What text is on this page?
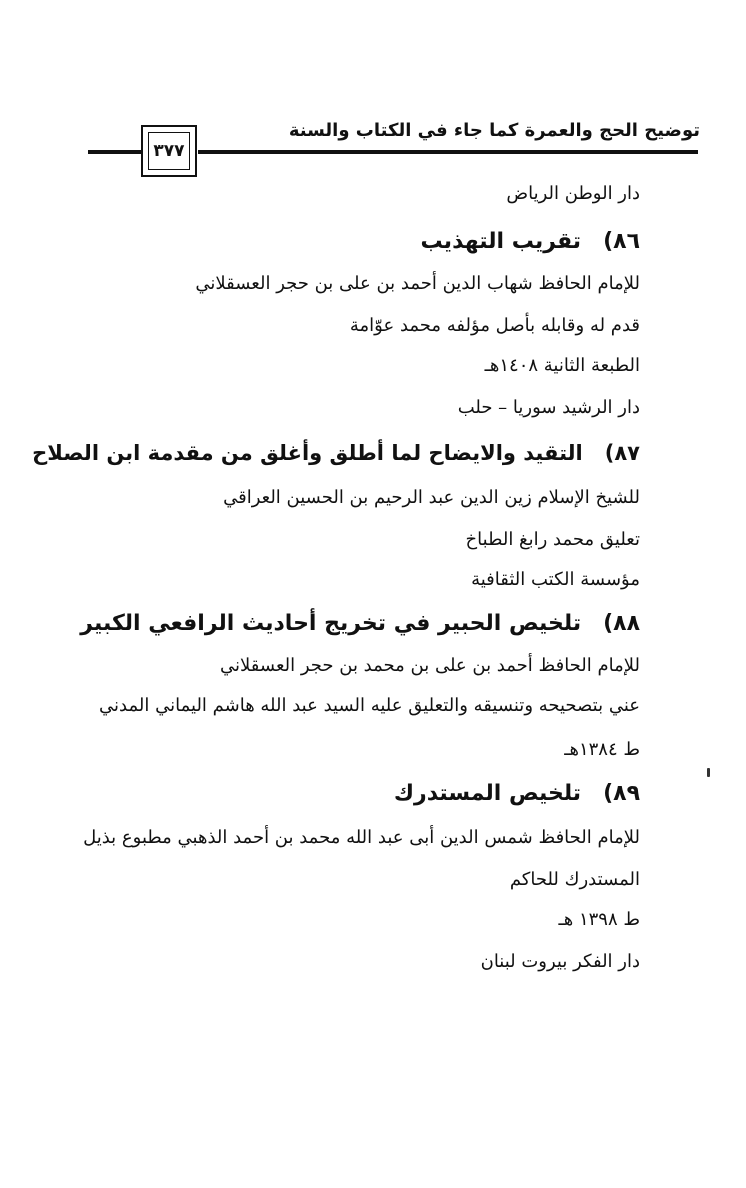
توضيح الحج والعمرة كما جاء في الكتاب والسنة
٣٧٧
دار الوطن الرياض
٨٦)تقريب التهذيب
للإمام الحافظ شهاب الدين أحمد بن على بن حجر العسقلاني
قدم له وقابله بأصل مؤلفه محمد عوّامة
الطبعة الثانية ١٤٠٨هـ
دار الرشيد سوريا – حلب
٨٧)التقيد والايضاح لما أطلق وأغلق من مقدمة ابن الصلاح
للشيخ الإسلام زين الدين عبد الرحيم بن الحسين العراقي
تعليق محمد رابغ الطباخ
مؤسسة الكتب الثقافية
٨٨)تلخيص الحبير في تخريج أحاديث الرافعي الكبير
للإمام الحافظ أحمد بن على بن محمد بن حجر العسقلاني
عني بتصحيحه وتنسيقه والتعليق عليه السيد عبد الله هاشم اليماني المدني
ط ١٣٨٤هـ
٨٩)تلخيص المستدرك
للإمام الحافظ شمس الدين أبى عبد الله محمد بن أحمد الذهبي مطبوع بذيل
المستدرك للحاكم
ط ١٣٩٨ هـ
دار الفكر بيروت لبنان
